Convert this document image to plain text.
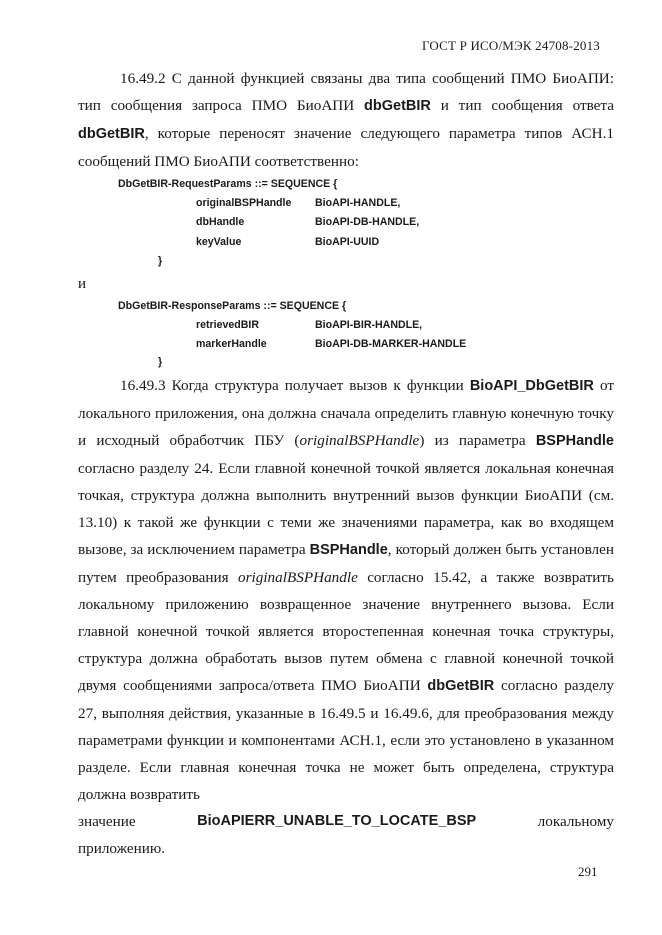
ГОСТ Р ИСО/МЭК 24708-2013
16.49.2 С данной функцией связаны два типа сообщений ПМО БиоАПИ: тип сообщения запроса ПМО БиоАПИ dbGetBIR и тип сообщения ответа dbGetBIR, которые переносят значение следующего параметра типов АСН.1 сообщений ПМО БиоАПИ соответственно:
DbGetBIR-RequestParams ::= SEQUENCE {
originalBSPHandle BioAPI-HANDLE,
dbHandle	BioAPI-DB-HANDLE,
keyValue	BioAPI-UUID
}
и
DbGetBIR-ResponseParams ::= SEQUENCE {
retrievedBIR	BioAPI-BIR-HANDLE,
markerHandle	BioAPI-DB-MARKER-HANDLE
}
16.49.3 Когда структура получает вызов к функции BioAPI_DbGetBIR от локального приложения, она должна сначала определить главную конечную точку и исходный обработчик ПБУ (originalBSPHandle) из параметра BSPHandle согласно разделу 24. Если главной конечной точкой является локальная конечная точкая, структура должна выполнить внутренний вызов функции БиоАПИ (см. 13.10) к такой же функции с теми же значениями параметра, как во входящем вызове, за исключением параметра BSPHandle, который должен быть установлен путем преобразования originalBSPHandle согласно 15.42, а также возвратить локальному приложению возвращенное значение внутреннего вызова. Если главной конечной точкой является второстепенная конечная точка структуры, структура должна обработать вызов путем обмена с главной конечной точкой двумя сообщениями запроса/ответа ПМО БиоАПИ dbGetBIR согласно разделу 27, выполняя действия, указанные в 16.49.5 и 16.49.6, для преобразования между параметрами функции и компонентами АСН.1, если это установлено в указанном разделе. Если главная конечная точка не может быть определена, структура должна возвратить
значение	BioAPIERR_UNABLE_TO_LOCATE_BSP	локальному
приложению.
291
